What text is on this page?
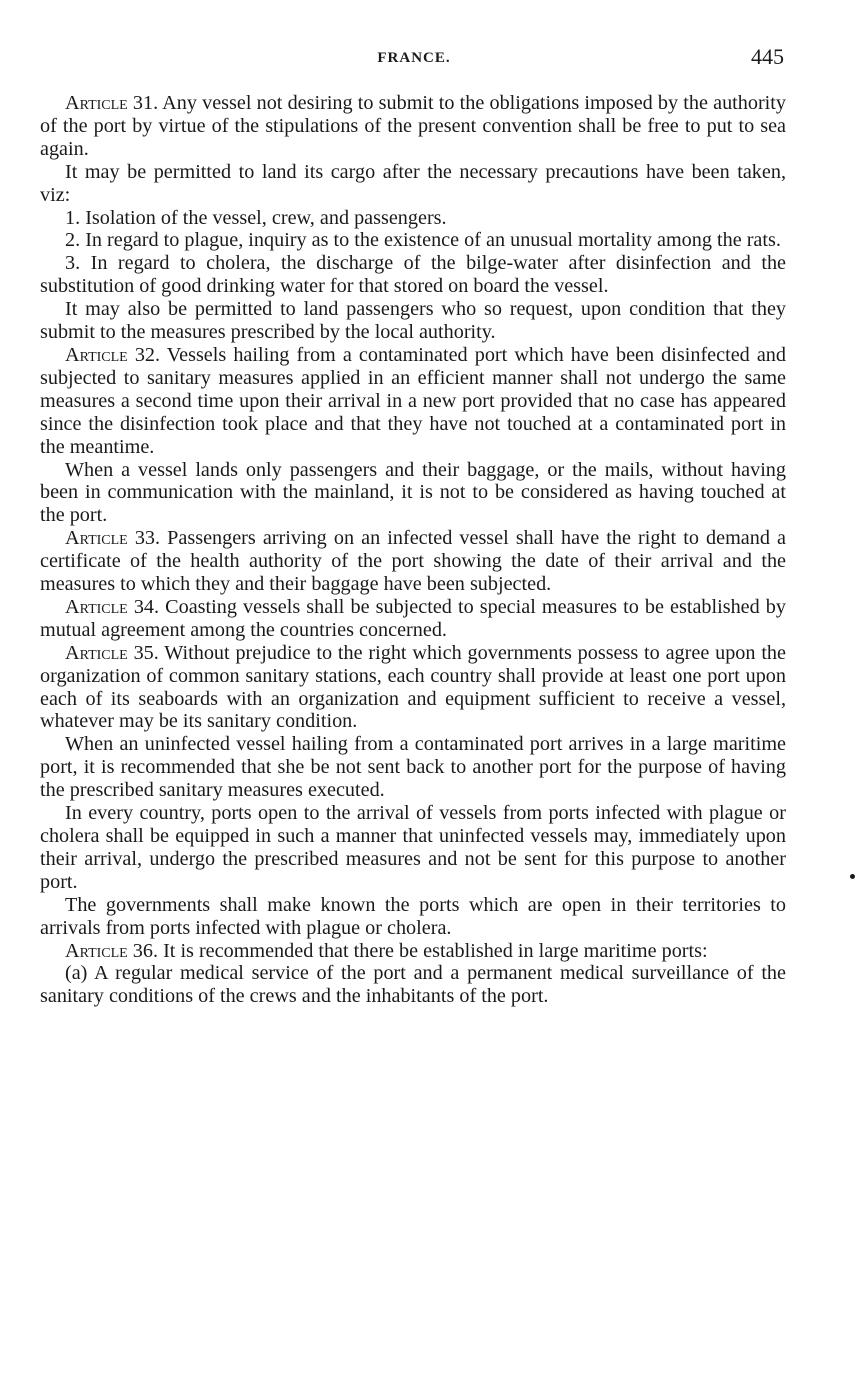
FRANCE.	445

Article 31. Any vessel not desiring to submit to the obligations imposed by the authority of the port by virtue of the stipulations of the present convention shall be free to put to sea again.

It may be permitted to land its cargo after the necessary precautions have been taken, viz:

1. Isolation of the vessel, crew, and passengers.

2. In regard to plague, inquiry as to the existence of an unusual mortality among the rats.

3. In regard to cholera, the discharge of the bilge-water after disinfection and the substitution of good drinking water for that stored on board the vessel.

It may also be permitted to land passengers who so request, upon condition that they submit to the measures prescribed by the local authority.

Article 32. Vessels hailing from a contaminated port which have been disinfected and subjected to sanitary measures applied in an efficient manner shall not undergo the same measures a second time upon their arrival in a new port provided that no case has appeared since the disinfection took place and that they have not touched at a contaminated port in the meantime.

When a vessel lands only passengers and their baggage, or the mails, without having been in communication with the mainland, it is not to be considered as having touched at the port.

Article 33. Passengers arriving on an infected vessel shall have the right to demand a certificate of the health authority of the port showing the date of their arrival and the measures to which they and their baggage have been subjected.

Article 34. Coasting vessels shall be subjected to special measures to be established by mutual agreement among the countries concerned.

Article 35. Without prejudice to the right which governments possess to agree upon the organization of common sanitary stations, each country shall provide at least one port upon each of its seaboards with an organization and equipment sufficient to receive a vessel, whatever may be its sanitary condition.

When an uninfected vessel hailing from a contaminated port arrives in a large maritime port, it is recommended that she be not sent back to another port for the purpose of having the prescribed sanitary measures executed.

In every country, ports open to the arrival of vessels from ports infected with plague or cholera shall be equipped in such a manner that uninfected vessels may, immediately upon their arrival, undergo the prescribed measures and not be sent for this purpose to another port.

The governments shall make known the ports which are open in their territories to arrivals from ports infected with plague or cholera.

Article 36. It is recommended that there be established in large maritime ports:

(a) A regular medical service of the port and a permanent medical surveillance of the sanitary conditions of the crews and the inhabitants of the port.
